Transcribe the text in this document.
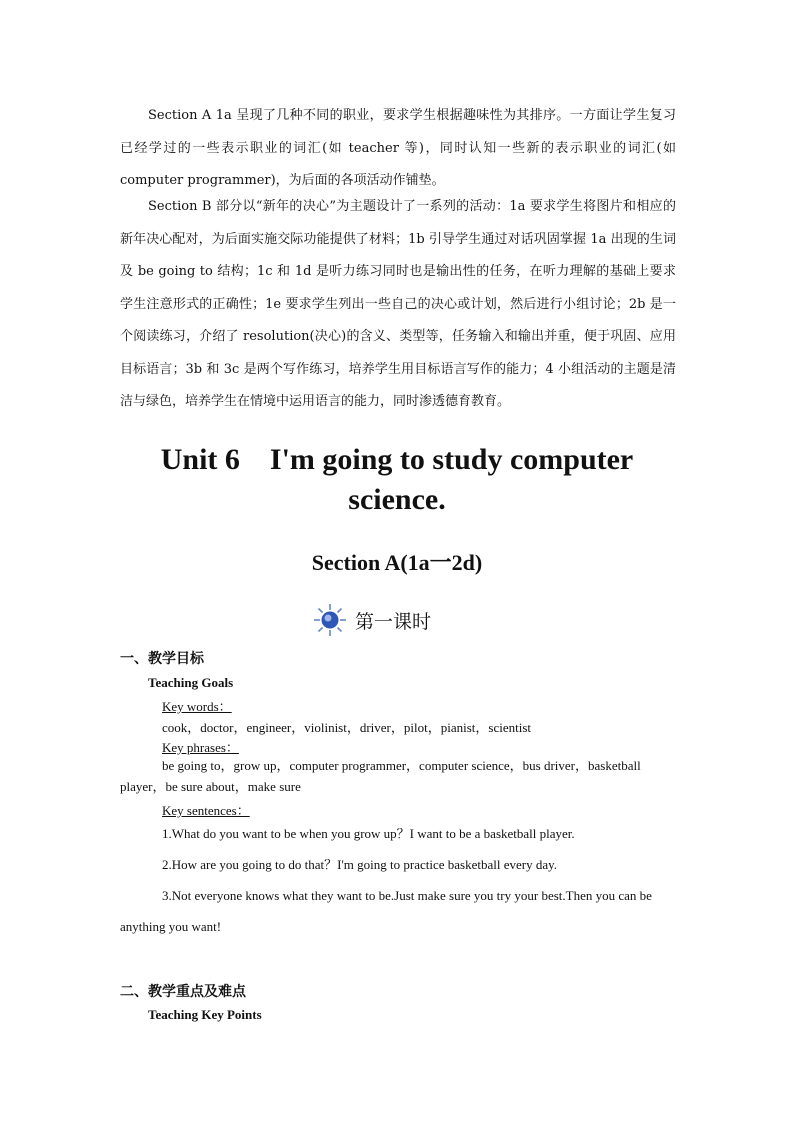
Section A 1a 呈现了几种不同的职业，要求学生根据趣味性为其排序。一方面让学生复习已经学过的一些表示职业的词汇(如 teacher 等)，同时认知一些新的表示职业的词汇(如 computer programmer)，为后面的各项活动作铺垫。
Section B 部分以“新年的决心”为主题设计了一系列的活动：1a 要求学生将图片和相应的新年决心配对，为后面实施交际功能提供了材料；1b 引导学生通过对话巩固掌握 1a 出现的生词及 be going to 结构；1c 和 1d 是听力练习同时也是输出性的任务，在听力理解的基础上要求学生注意形式的正确性；1e 要求学生列出一些自己的决心或计划，然后进行小组讨论；2b 是一个阅读练习，介绍了 resolution(决心)的含义、类型等，任务输入和输出并重，便于巩固、应用目标语言；3b 和 3c 是两个写作练习，培养学生用目标语言写作的能力；4 小组活动的主题是清洁与绿色，培养学生在情境中运用语言的能力，同时渗透德育教育。
Unit 6    I'm going to study computer
science.
Section A(1a一2d)
第一课时
一、教学目标
Teaching Goals
Key words：
cook，doctor，engineer，violinist，driver，pilot，pianist，scientist
Key phrases：
be going to，grow up，computer programmer，computer science，bus driver，basketball player，be sure about，make sure
Key sentences：
1.What do you want to be when you grow up？I want to be a basketball player.
2.How are you going to do that？I'm going to practice basketball every day.
3.Not everyone knows what they want to be.Just make sure you try your best.Then you can be anything you want!
二、教学重点及难点
Teaching Key Points
